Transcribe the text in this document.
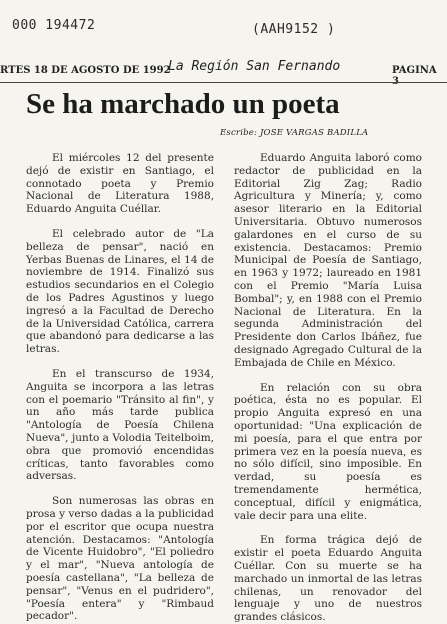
000 194472	(AAH9152 )
RTES 18 DE AGOSTO DE 1992
La Región San Fernando	PAGINA
Se ha marchado un poeta
Escribe: JOSE VARGAS BADILLA

El miércoles 12 del presente dejó de existir en Santiago, el connotado poeta y Premio Nacional de Literatura 1988, Eduardo Anguita Cuéllar.

El celebrado autor de "La belleza de pensar", nació en Yerbas Buenas de Linares, el 14 de noviembre de 1914. Finalizó sus estudios secundarios en el Colegio de los Padres Agustinos y luego ingresó a la Facultad de Derecho de la Universidad Católica, carrera que abandonó para dedicarse a las letras.

En el transcurso de 1934, Anguita se incorpora a las letras con el poemario "Tránsito al fin", y un año más tarde publica "Antología de Poesía Chilena Nueva", junto a Volodia Teitelboim, obra que promovió encendidas críticas, tanto favorables como adversas.

Son numerosas las obras en prosa y verso dadas a la publicidad por el escritor que ocupa nuestra atención. Destacamos: "Antología de Vicente Huidobro", "El poliedro y el mar", "Nueva antología de poesía castellana", "La belleza de pensar", "Venus en el pudridero", "Poesía entera" y "Rimbaud pecador".

Eduardo Anguita laboró como redactor de publicidad en la Editorial Zig Zag; Radio Agricultura y Minería; y, como asesor literario en la Editorial Universitaria. Obtuvo numerosos galardones en el curso de su existencia. Destacamos: Premio Municipal de Poesía de Santiago, en 1963 y 1972; laureado en 1981 con el Premio "María Luisa Bombal"; y, en 1988 con el Premio Nacional de Literatura. En la segunda Administración del Presidente don Carlos Ibáñez, fue designado Agregado Cultural de la Embajada de Chile en México.

En relación con su obra poética, ésta no es popular. El propio Anguita expresó en una oportunidad: "Una explicación de mi poesía, para el que entra por primera vez en la poesía nueva, es no sólo difícil, sino imposible. En verdad, su poesía es tremendamente hermética, conceptual, difícil y enigmática, vale decir para una elite.

En forma trágica dejó de existir el poeta Eduardo Anguita Cuéllar. Con su muerte se ha marchado un inmortal de las letras chilenas, un renovador del lenguaje y uno de nuestros grandes clásicos.
